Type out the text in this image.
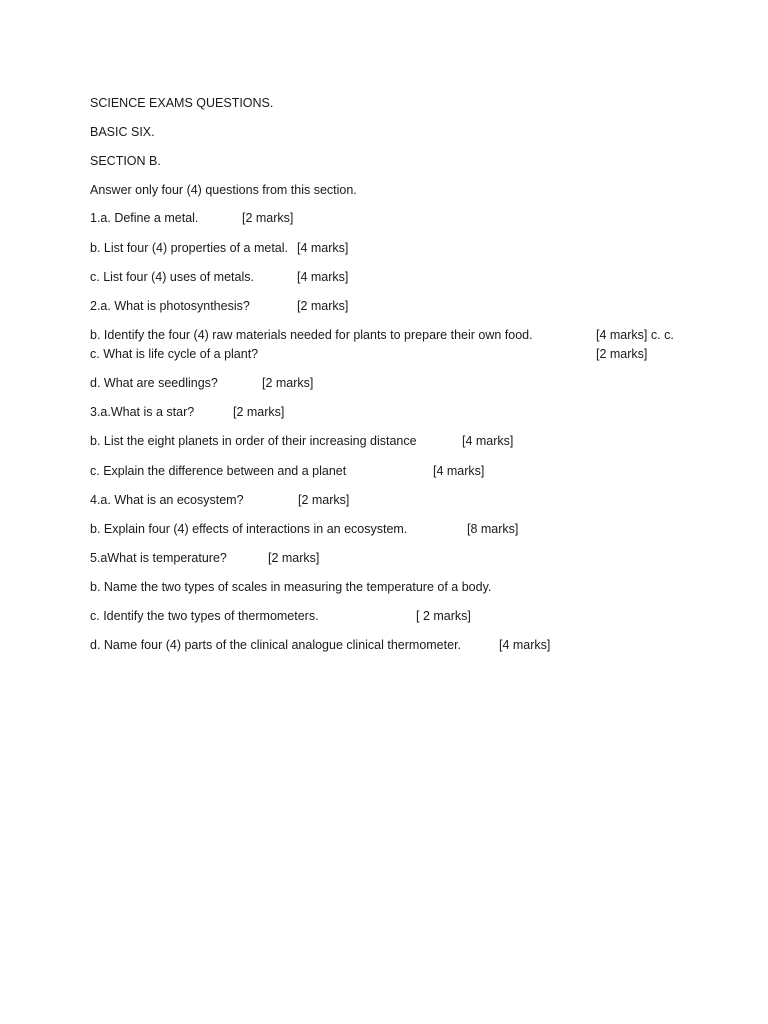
SCIENCE EXAMS QUESTIONS.
BASIC SIX.
SECTION B.
Answer only four (4) questions from this section.
1.a. Define a metal.	[2 marks]
b. List four (4) properties of a metal. [4 marks]
c. List four (4) uses of metals.	[4 marks]
2.a. What is photosynthesis?	[2 marks]
b. Identify the four (4) raw materials needed for plants to prepare their own food.	[4 marks] c. c.
c. What is life cycle of a plant?	[2 marks]
d. What are seedlings?	[2 marks]
3.a.What is a star?	[2 marks]
b. List the eight planets in order of their increasing distance	[4 marks]
c. Explain the difference between and a planet	[4 marks]
4.a. What is an ecosystem?	[2 marks]
b. Explain four (4) effects of interactions in an ecosystem.	[8 marks]
5.aWhat is temperature?	[2 marks]
b. Name the two types of scales in measuring the temperature of a body.
c. Identify the two types of thermometers.	[ 2 marks]
d. Name four (4) parts of the clinical analogue clinical thermometer.	[4 marks]
